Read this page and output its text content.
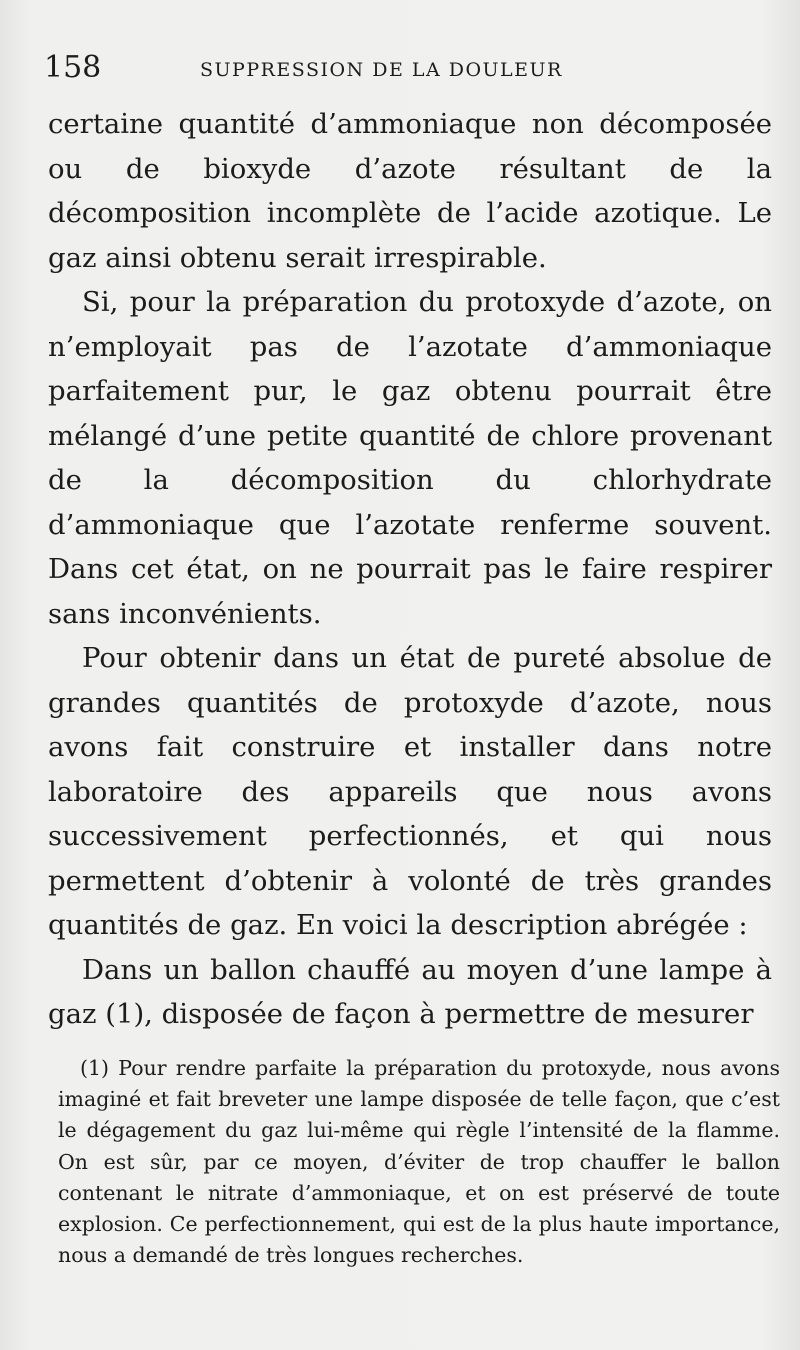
158	SUPPRESSION DE LA DOULEUR

certaine quantité d’ammoniaque non décomposée ou de bioxyde d’azote résultant de la décomposition incomplète de l’acide azotique. Le gaz ainsi obtenu serait irrespirable.

Si, pour la préparation du protoxyde d’azote, on n’employait pas de l’azotate d’ammoniaque parfaitement pur, le gaz obtenu pourrait être mélangé d’une petite quantité de chlore provenant de la décomposition du chlorhydrate d’ammoniaque que l’azotate renferme souvent. Dans cet état, on ne pourrait pas le faire respirer sans inconvénients.

Pour obtenir dans un état de pureté absolue de grandes quantités de protoxyde d’azote, nous avons fait construire et installer dans notre laboratoire des appareils que nous avons successivement perfectionnés, et qui nous permettent d’obtenir à volonté de très grandes quantités de gaz. En voici la description abrégée :

Dans un ballon chauffé au moyen d’une lampe à gaz (1), disposée de façon à permettre de mesurer

(1) Pour rendre parfaite la préparation du protoxyde, nous avons imaginé et fait breveter une lampe disposée de telle façon, que c’est le dégagement du gaz lui-même qui règle l’intensité de la flamme. On est sûr, par ce moyen, d’éviter de trop chauffer le ballon contenant le nitrate d’ammoniaque, et on est préservé de toute explosion. Ce perfectionnement, qui est de la plus haute importance, nous a demandé de très longues recherches.
